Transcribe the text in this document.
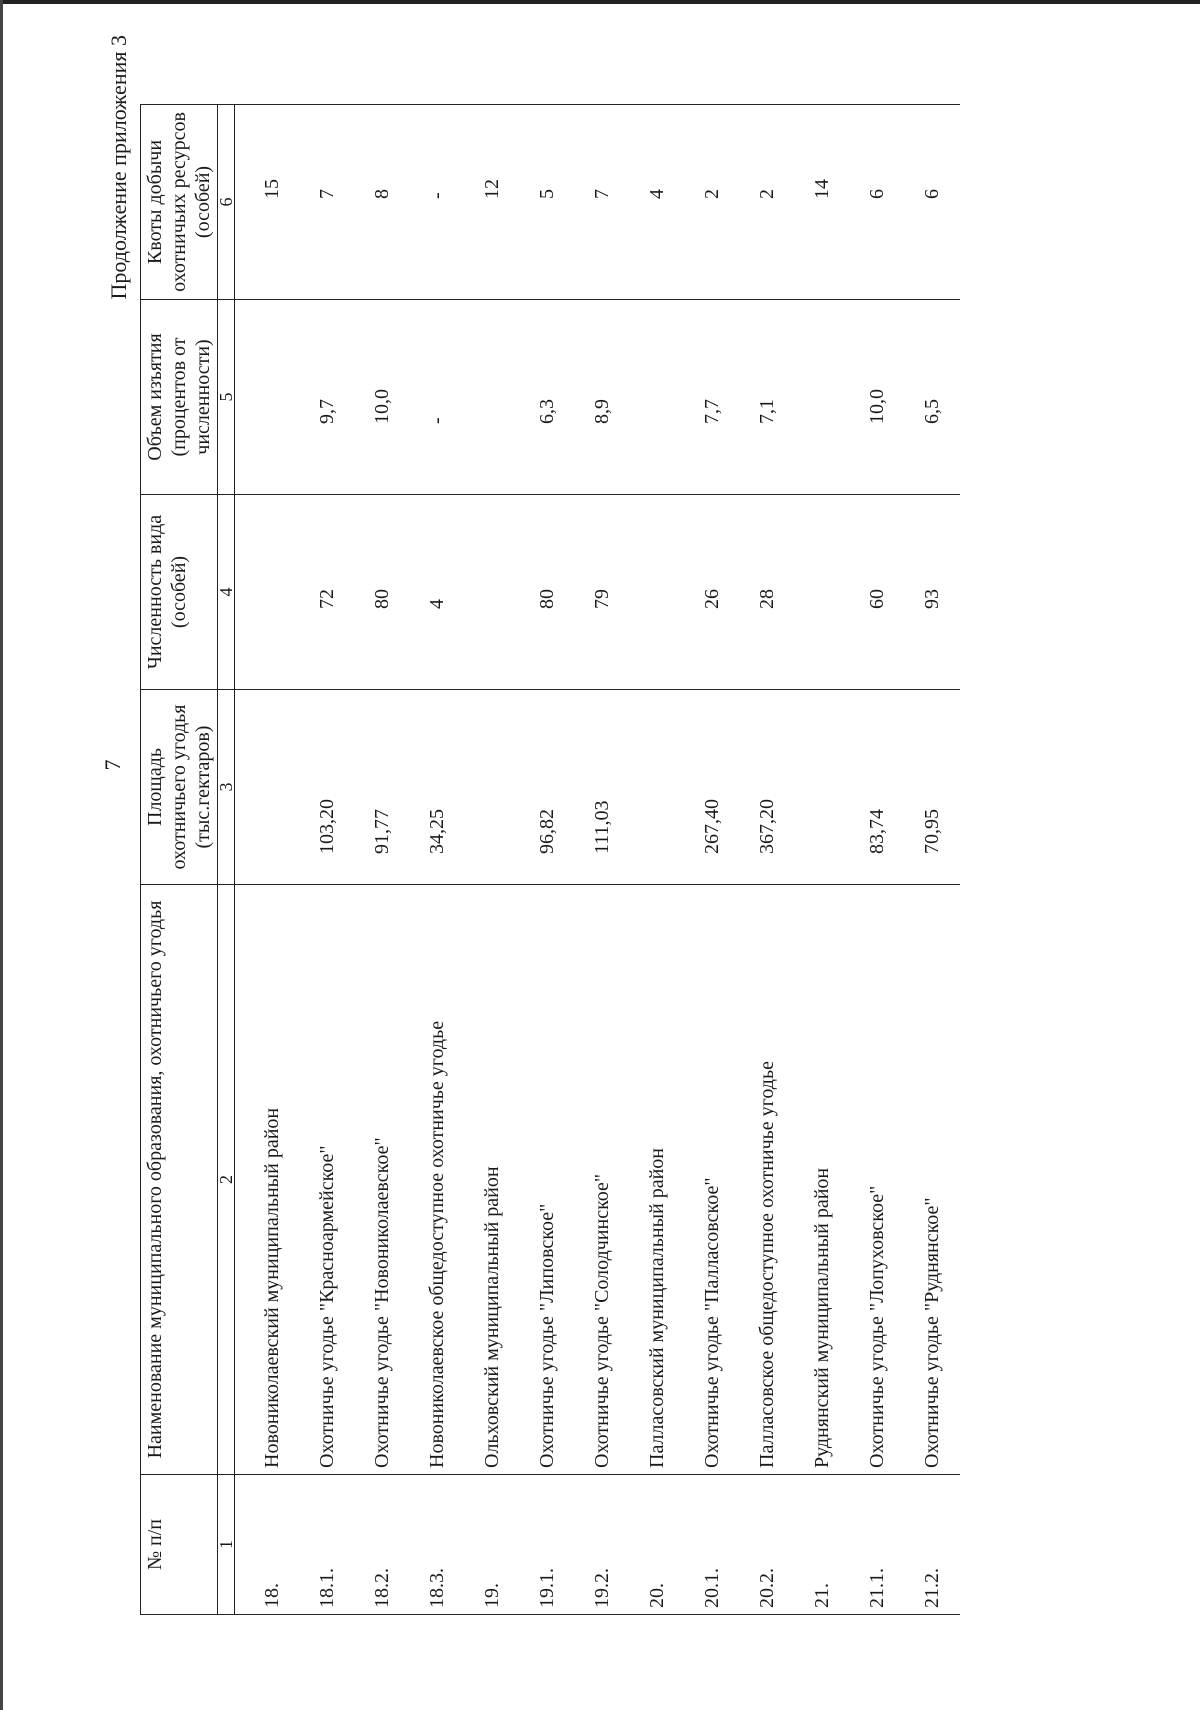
7
Продолжение приложения 3
№ п/п	Наименование муниципального образования, охотничьего угодья	Площадь охотничьего угодья (тыс.гектаров)	Численность вида (особей)	Объем изъятия (процентов от численности)	Квоты добычи охотничьих ресурсов (особей)
1	2	3	4	5	6
18.	Новониколаевский муниципальный район				15
18.1.	Охотничье угодье "Красноармейское"	103,20	72	9,7	7
18.2.	Охотничье угодье "Новониколаевское"	91,77	80	10,0	8
18.3.	Новониколаевское общедоступное охотничье угодье	34,25	4	-	-
19.	Ольховский муниципальный район				12
19.1.	Охотничье угодье "Липовское"	96,82	80	6,3	5
19.2.	Охотничье угодье "Солодчинское"	111,03	79	8,9	7
20.	Палласовский муниципальный район				4
20.1.	Охотничье угодье "Палласовское"	267,40	26	7,7	2
20.2.	Палласовское общедоступное охотничье угодье	367,20	28	7,1	2
21.	Руднянский муниципальный район				14
21.1.	Охотничье угодье "Лопуховское"	83,74	60	10,0	6
21.2.	Охотничье угодье "Руднянское"	70,95	93	6,5	6
